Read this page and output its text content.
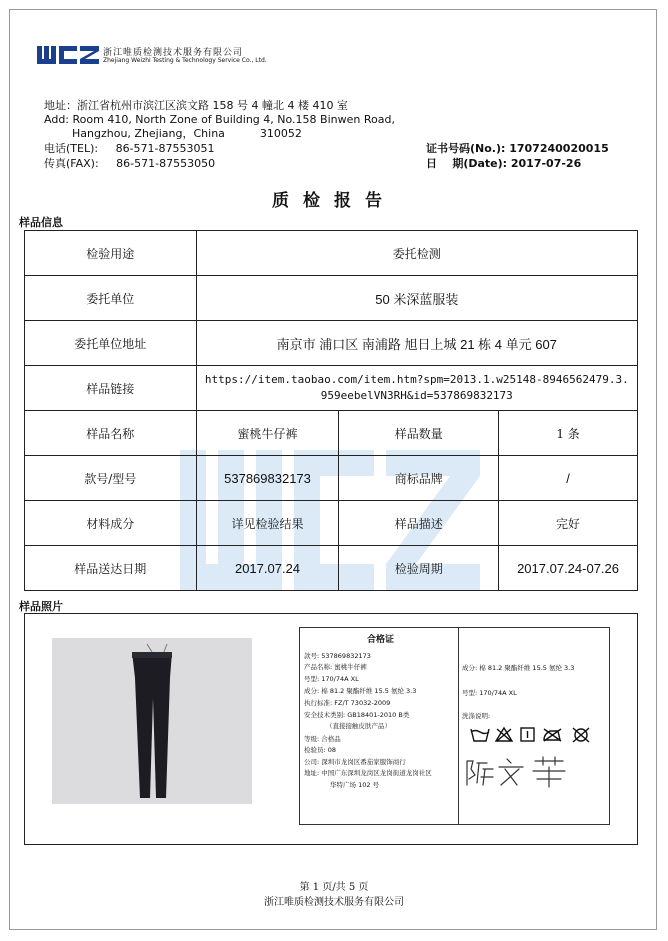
浙江唯质检测技术服务有限公司
Zhejiang Weizhi Testing & Technology Service Co., Ltd.
地址：浙江省杭州市滨江区滨文路 158 号 4 幢北 4 楼 410 室
Add: Room 410, North Zone of Building 4, No.158 Binwen Road,
Hangzhou, Zhejiang，China          310052
电话(TEL):     86-571-87553051
传真(FAX):     86-571-87553050
证书号码(No.): 1707240020015
日    期(Date): 2017-07-26
质检报告
样品信息
检验用途	委托检测		
委托单位	50 米深蓝服装		
委托单位地址	南京市 浦口区 南浦路 旭日上城 21 栋 4 单元 607		
样品链接	https://item.taobao.com/item.htm?spm=2013.1.w25148-8946562479.3.
959eebelVN3RH&id=537869832173		

样品名称	蜜桃牛仔裤	样品数量	1 条
款号/型号	537869832173	商标品牌	/
材料成分	详见检验结果	样品描述	完好
样品送达日期	2017.07.24	检验周期	2017.07.24-07.26
样品照片
合格证
款号: 537869832173
产品名称: 蜜桃牛仔裤
号型: 170/74A XL
成分: 棉 81.2 聚酯纤维 15.5 氨纶 3.3
执行标准: FZ/T 73032-2009
安全技术类别: GB18401-2010 B类
（直接接触皮肤产品）
等级: 合格品
检验员: 08
公司: 深圳市龙岗区番茄家服饰商行
地址: 中国广东深圳龙岗区龙岗街道龙岗社区
华特广场 102 号
成分: 棉 81.2 聚酯纤维 15.5 氨纶 3.3
号型: 170/74A XL
洗涤说明:
第 1 页/共 5 页
浙江唯质检测技术服务有限公司
